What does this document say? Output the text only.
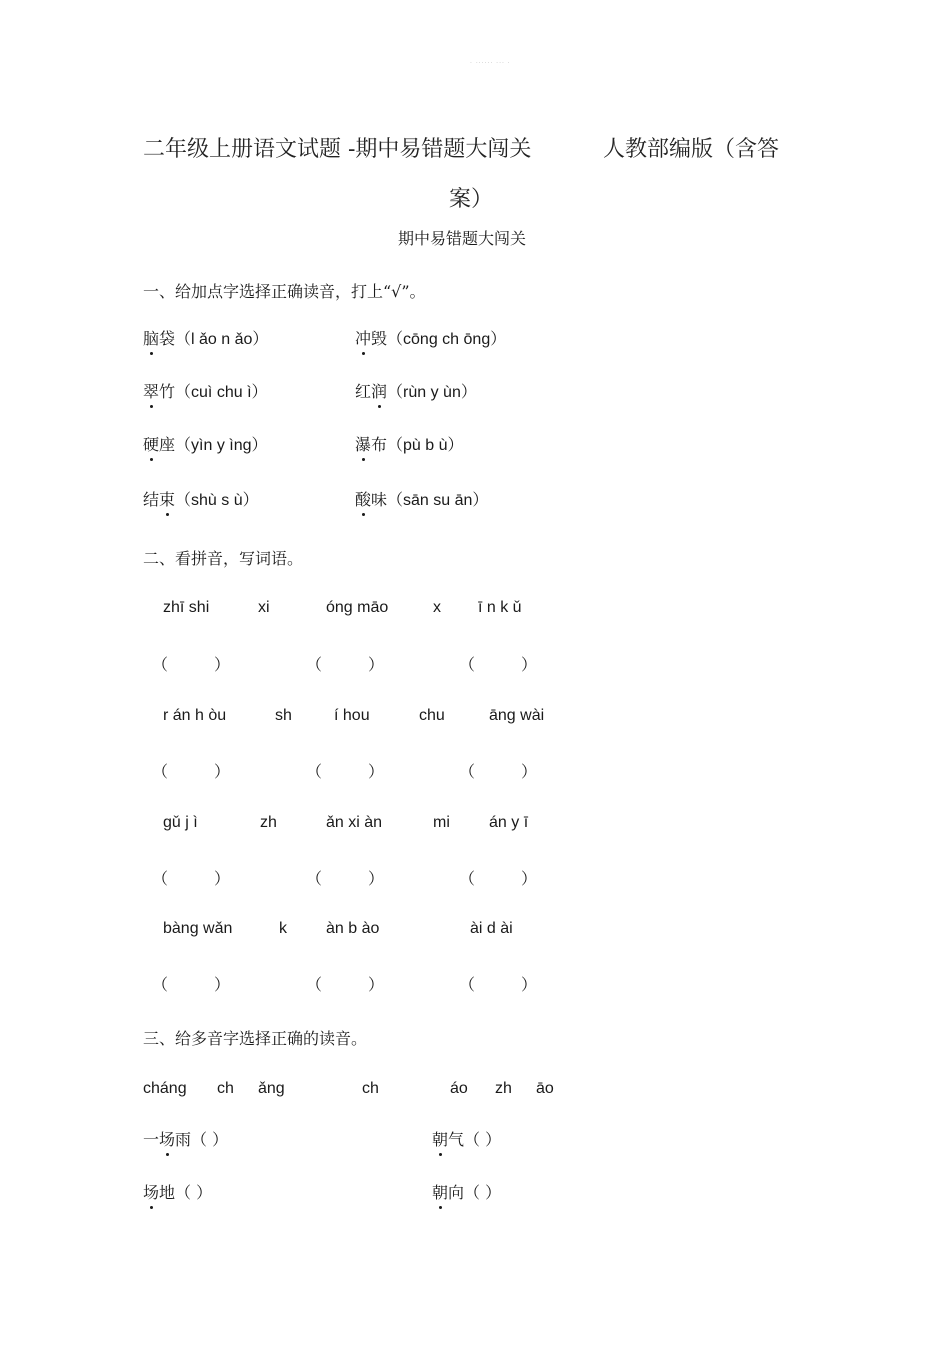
· ······ ··· ·
二年级上册语文试题 -期中易错题大闯关	人教部编版（含答
案）
期中易错题大闯关
一、给加点字选择正确读音，打上“√”。
脑袋（l ǎo n ǎo）	冲毁（cōng ch ōng）
翠竹（cuì chu ì）	红润（rùn y ùn）
硬座（yìn y ìng）	瀑布（pù b ù）
结束（shù s ù）	酸味（sān su ān）
二、看拼音，写词语。
zhī shi	xi	óng māo	x ī n k ǔ
（	）	（	）	（	）
r án h òu	sh	í hou	chu	āng wài
（	）	（	）	（	）
gǔ j ì	zh	ǎn xi àn	mi án y ī
（	）	（	）	（	）
bàng wǎn	k àn b ào	ài d ài
（	）	（	）	（	）
三、给多音字选择正确的读音。
cháng ch ǎng	ch	áo zh āo
一场雨（ ）	朝气（ ）
场地（ ）	朝向（ ）
